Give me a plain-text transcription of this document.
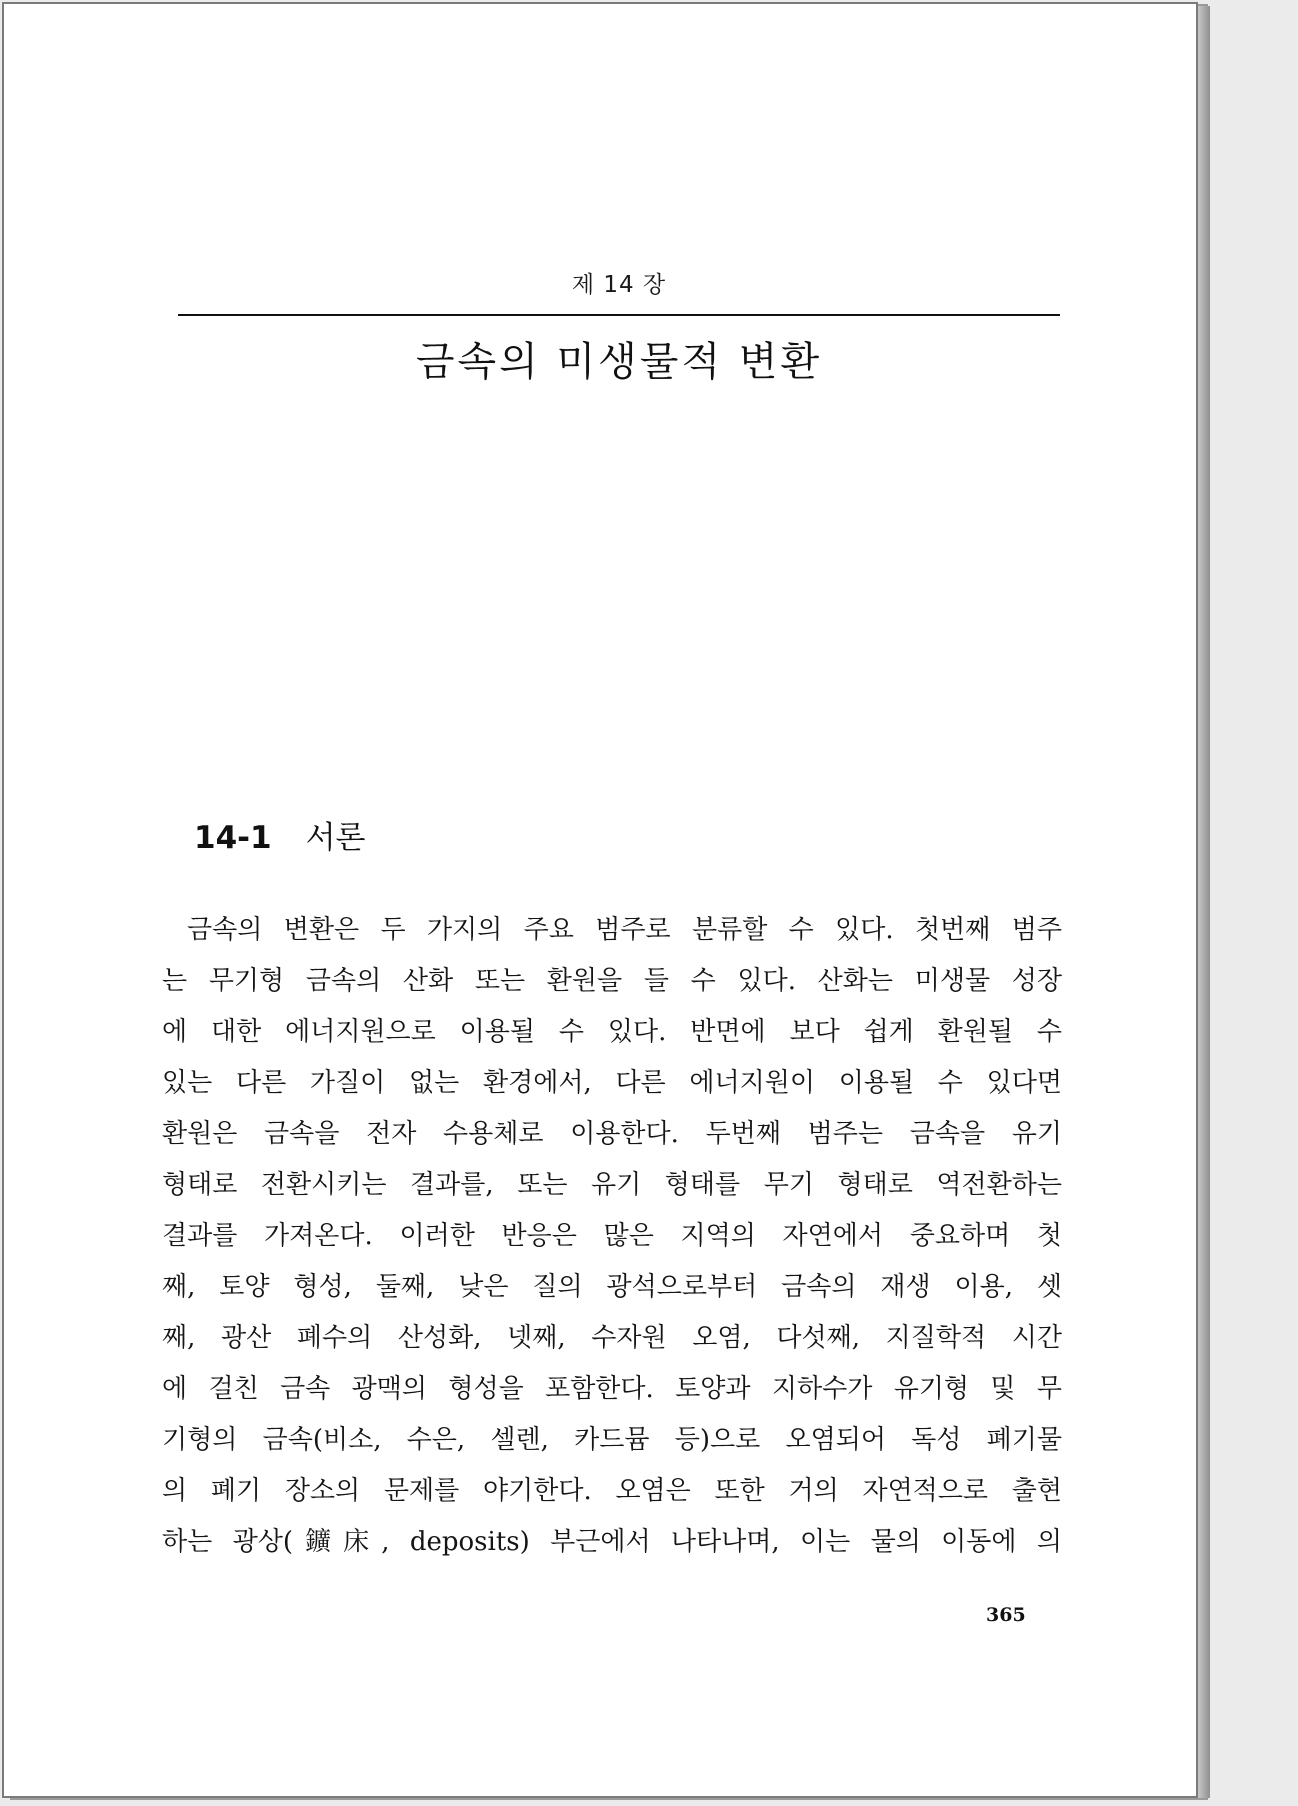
제 14 장
금속의 미생물적 변환
14-1 서론
금속의 변환은 두 가지의 주요 범주로 분류할 수 있다. 첫번째 범주
는 무기형 금속의 산화 또는 환원을 들 수 있다. 산화는 미생물 성장
에 대한 에너지원으로 이용될 수 있다. 반면에 보다 쉽게 환원될 수
있는 다른 가질이 없는 환경에서, 다른 에너지원이 이용될 수 있다면
환원은 금속을 전자 수용체로 이용한다. 두번째 범주는 금속을 유기
형태로 전환시키는 결과를, 또는 유기 형태를 무기 형태로 역전환하는
결과를 가져온다. 이러한 반응은 많은 지역의 자연에서 중요하며 첫
째, 토양 형성, 둘째, 낮은 질의 광석으로부터 금속의 재생 이용, 셋
째, 광산 폐수의 산성화, 넷째, 수자원 오염, 다섯째, 지질학적 시간
에 걸친 금속 광맥의 형성을 포함한다. 토양과 지하수가 유기형 및 무
기형의 금속(비소, 수은, 셀렌, 카드뮴 등)으로 오염되어 독성 폐기물
의 폐기 장소의 문제를 야기한다. 오염은 또한 거의 자연적으로 출현
하는 광상(鑛床, deposits) 부근에서 나타나며, 이는 물의 이동에 의
365
